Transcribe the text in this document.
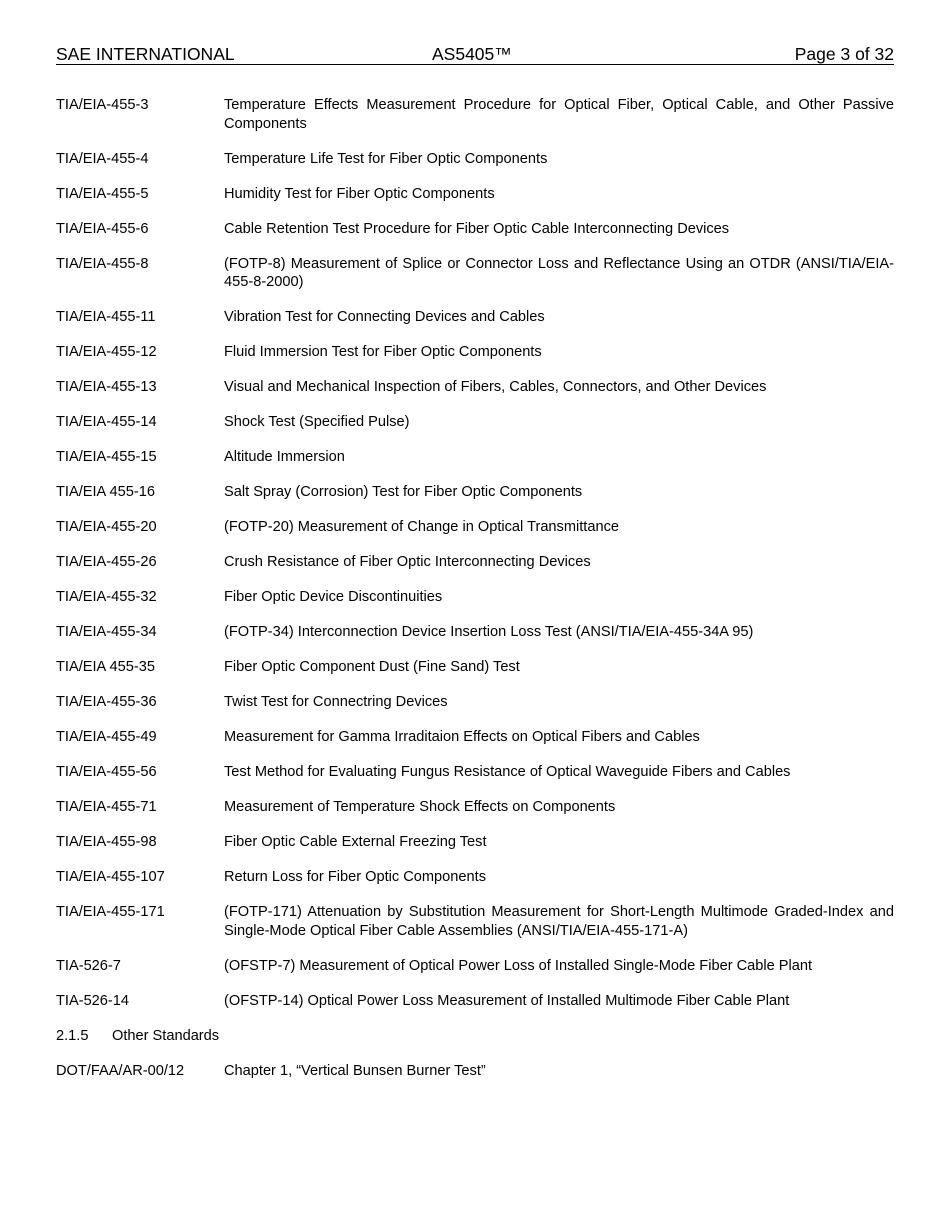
SAE INTERNATIONAL	AS5405™	Page 3 of 32
TIA/EIA-455-3	Temperature Effects Measurement Procedure for Optical Fiber, Optical Cable, and Other Passive Components
TIA/EIA-455-4	Temperature Life Test for Fiber Optic Components
TIA/EIA-455-5	Humidity Test for Fiber Optic Components
TIA/EIA-455-6	Cable Retention Test Procedure for Fiber Optic Cable Interconnecting Devices
TIA/EIA-455-8	(FOTP-8) Measurement of Splice or Connector Loss and Reflectance Using an OTDR (ANSI/TIA/EIA-455-8-2000)
TIA/EIA-455-11	Vibration Test for Connecting Devices and Cables
TIA/EIA-455-12	Fluid Immersion Test for Fiber Optic Components
TIA/EIA-455-13	Visual and Mechanical Inspection of Fibers, Cables, Connectors, and Other Devices
TIA/EIA-455-14	Shock Test (Specified Pulse)
TIA/EIA-455-15	Altitude Immersion
TIA/EIA 455-16	Salt Spray (Corrosion) Test for Fiber Optic Components
TIA/EIA-455-20	(FOTP-20) Measurement of Change in Optical Transmittance
TIA/EIA-455-26	Crush Resistance of Fiber Optic Interconnecting Devices
TIA/EIA-455-32	Fiber Optic Device Discontinuities
TIA/EIA-455-34	(FOTP-34) Interconnection Device Insertion Loss Test (ANSI/TIA/EIA-455-34A 95)
TIA/EIA 455-35	Fiber Optic Component Dust (Fine Sand) Test
TIA/EIA-455-36	Twist Test for Connectring Devices
TIA/EIA-455-49	Measurement for Gamma Irraditaion Effects on Optical Fibers and Cables
TIA/EIA-455-56	Test Method for Evaluating Fungus Resistance of Optical Waveguide Fibers and Cables
TIA/EIA-455-71	Measurement of Temperature Shock Effects on Components
TIA/EIA-455-98	Fiber Optic Cable External Freezing Test
TIA/EIA-455-107	Return Loss for Fiber Optic Components
TIA/EIA-455-171	(FOTP-171) Attenuation by Substitution Measurement for Short-Length Multimode Graded-Index and Single-Mode Optical Fiber Cable Assemblies (ANSI/TIA/EIA-455-171-A)
TIA-526-7	(OFSTP-7) Measurement of Optical Power Loss of Installed Single-Mode Fiber Cable Plant
TIA-526-14	(OFSTP-14) Optical Power Loss Measurement of Installed Multimode Fiber Cable Plant
2.1.5	Other Standards
DOT/FAA/AR-00/12	Chapter 1, “Vertical Bunsen Burner Test”
